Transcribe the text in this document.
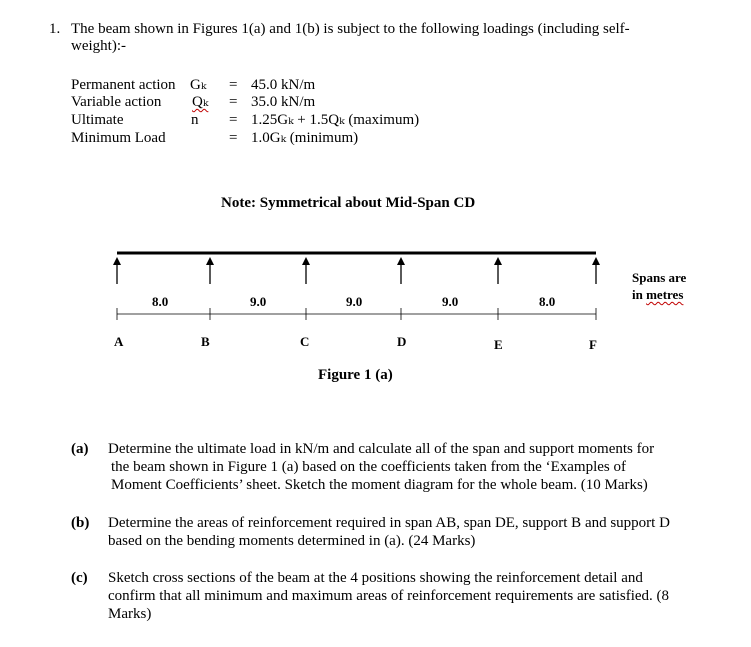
1. The beam shown in Figures 1(a) and 1(b) is subject to the following loadings (including self-
weight):-
Permanent action Gₖ = 45.0 kN/m
Variable action Qₖ = 35.0 kN/m
Ultimate	n = 1.25Gₖ + 1.5Qₖ (maximum)
Minimum Load	= 1.0Gₖ (minimum)
Note: Symmetrical about Mid-Span CD
8.0	9.0	9.0	9.0	8.0
A	B	C	D	E	F
Spans are
in metres
Figure 1 (a)
(a) Determine the ultimate load in kN/m and calculate all of the span and support moments for
the beam shown in Figure 1 (a) based on the coefficients taken from the ‘Examples of
Moment Coefficients’ sheet. Sketch the moment diagram for the whole beam. (10 Marks)
(b) Determine the areas of reinforcement required in span AB, span DE, support B and support D
based on the bending moments determined in (a). (24 Marks)
(c) Sketch cross sections of the beam at the 4 positions showing the reinforcement detail and
confirm that all minimum and maximum areas of reinforcement requirements are satisfied. (8
Marks)
